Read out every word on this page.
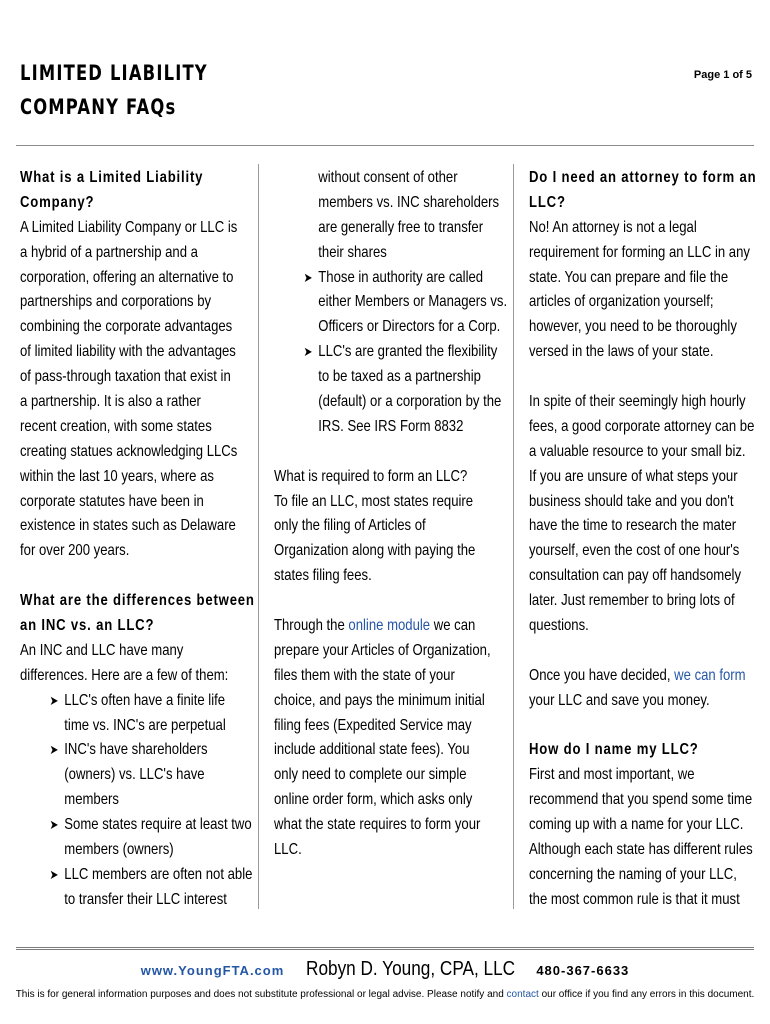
LIMITED LIABILITY
COMPANY FAQs
Page 1 of 5
What is a Limited Liability
Company?
A Limited Liability Company or LLC is
a hybrid of a partnership and a
corporation, offering an alternative to
partnerships and corporations by
combining the corporate advantages
of limited liability with the advantages
of pass-through taxation that exist in
a partnership. It is also a rather
recent creation, with some states
creating statues acknowledging LLCs
within the last 10 years, where as
corporate statutes have been in
existence in states such as Delaware
for over 200 years.
What are the differences between
an INC vs. an LLC?
An INC and LLC have many
differences. Here are a few of them:
➤ LLC's often have a finite life
time vs. INC's are perpetual
➤ INC's have shareholders
(owners) vs. LLC's have
members
➤ Some states require at least two
members (owners)
➤ LLC members are often not able
to transfer their LLC interest
without consent of other
members vs. INC shareholders
are generally free to transfer
their shares
➤ Those in authority are called
either Members or Managers vs.
Officers or Directors for a Corp.
➤ LLC's are granted the flexibility
to be taxed as a partnership
(default) or a corporation by the
IRS. See IRS Form 8832
What is required to form an LLC?
To file an LLC, most states require
only the filing of Articles of
Organization along with paying the
states filing fees.
Through the online module we can
prepare your Articles of Organization,
files them with the state of your
choice, and pays the minimum initial
filing fees (Expedited Service may
include additional state fees). You
only need to complete our simple
online order form, which asks only
what the state requires to form your
LLC.
Do I need an attorney to form an
LLC?
No! An attorney is not a legal
requirement for forming an LLC in any
state. You can prepare and file the
articles of organization yourself;
however, you need to be thoroughly
versed in the laws of your state.
In spite of their seemingly high hourly
fees, a good corporate attorney can be
a valuable resource to your small biz.
If you are unsure of what steps your
business should take and you don't
have the time to research the mater
yourself, even the cost of one hour's
consultation can pay off handsomely
later. Just remember to bring lots of
questions.
Once you have decided, we can form
your LLC and save you money.
How do I name my LLC?
First and most important, we
recommend that you spend some time
coming up with a name for your LLC.
Although each state has different rules
concerning the naming of your LLC,
the most common rule is that it must
www.YoungFTA.com Robyn D. Young, CPA, LLC 480-367-6633
This is for general information purposes and does not substitute professional or legal advise. Please notify and contact our office if you find any errors in this document.
